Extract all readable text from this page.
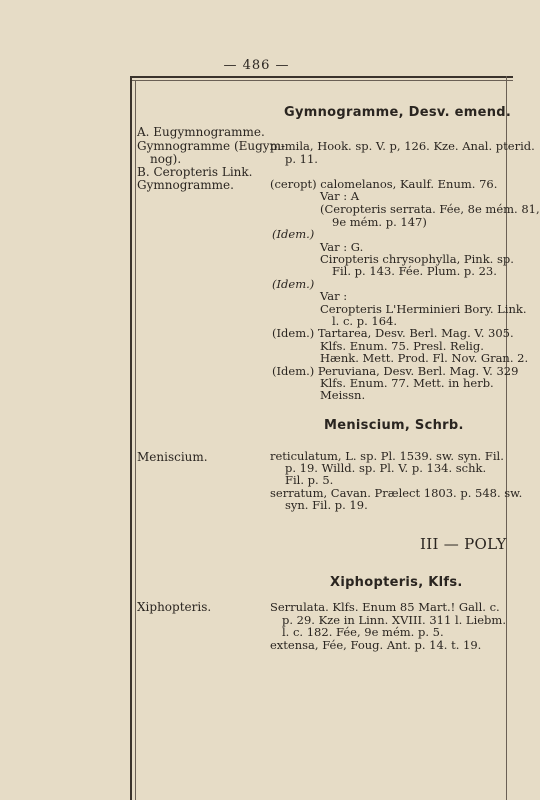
— 486 —
Gymnogramme, Desv. emend.
A. Eugymnogramme.
Gymnogramme (Eugym-
nog).
B. Ceropteris Link.
Gymnogramme.
pumila, Hook. sp. V. p, 126. Kze. Anal. pterid.
p. 11.
(ceropt) calomelanos, Kaulf. Enum. 76.
Var : A
(Ceropteris serrata. Fée, 8e mém. 81,
9e mém. p. 147)
(Idem.)
Var : G.
Ciropteris chrysophylla, Pink. sp.
Fil. p. 143. Fée. Plum. p. 23.
(Idem.)
Var :
Ceropteris L'Herminieri Bory. Link.
l. c. p. 164.
(Idem.) Tartarea, Desv. Berl. Mag. V. 305.
Klfs. Enum. 75. Presl. Relig.
Hænk. Mett. Prod. Fl. Nov. Gran. 2.
(Idem.) Peruviana, Desv. Berl. Mag. V. 329
Klfs. Enum. 77. Mett. in herb.
Meissn.
Meniscium, Schrb.
Meniscium.	reticulatum, L. sp. Pl. 1539. sw. syn. Fil.
p. 19. Willd. sp. Pl. V. p. 134. schk.
Fil. p. 5.
serratum, Cavan. Prælect 1803. p. 548. sw.
syn. Fil. p. 19.
III — POLY
Xiphopteris, Klfs.
Xiphopteris.	Serrulata. Klfs. Enum 85 Mart.! Gall. c.
p. 29. Kze in Linn. XVIII. 311 l. Liebm.
l. c. 182. Fée, 9e mém. p. 5.
extensa, Fée, Foug. Ant. p. 14. t. 19.
